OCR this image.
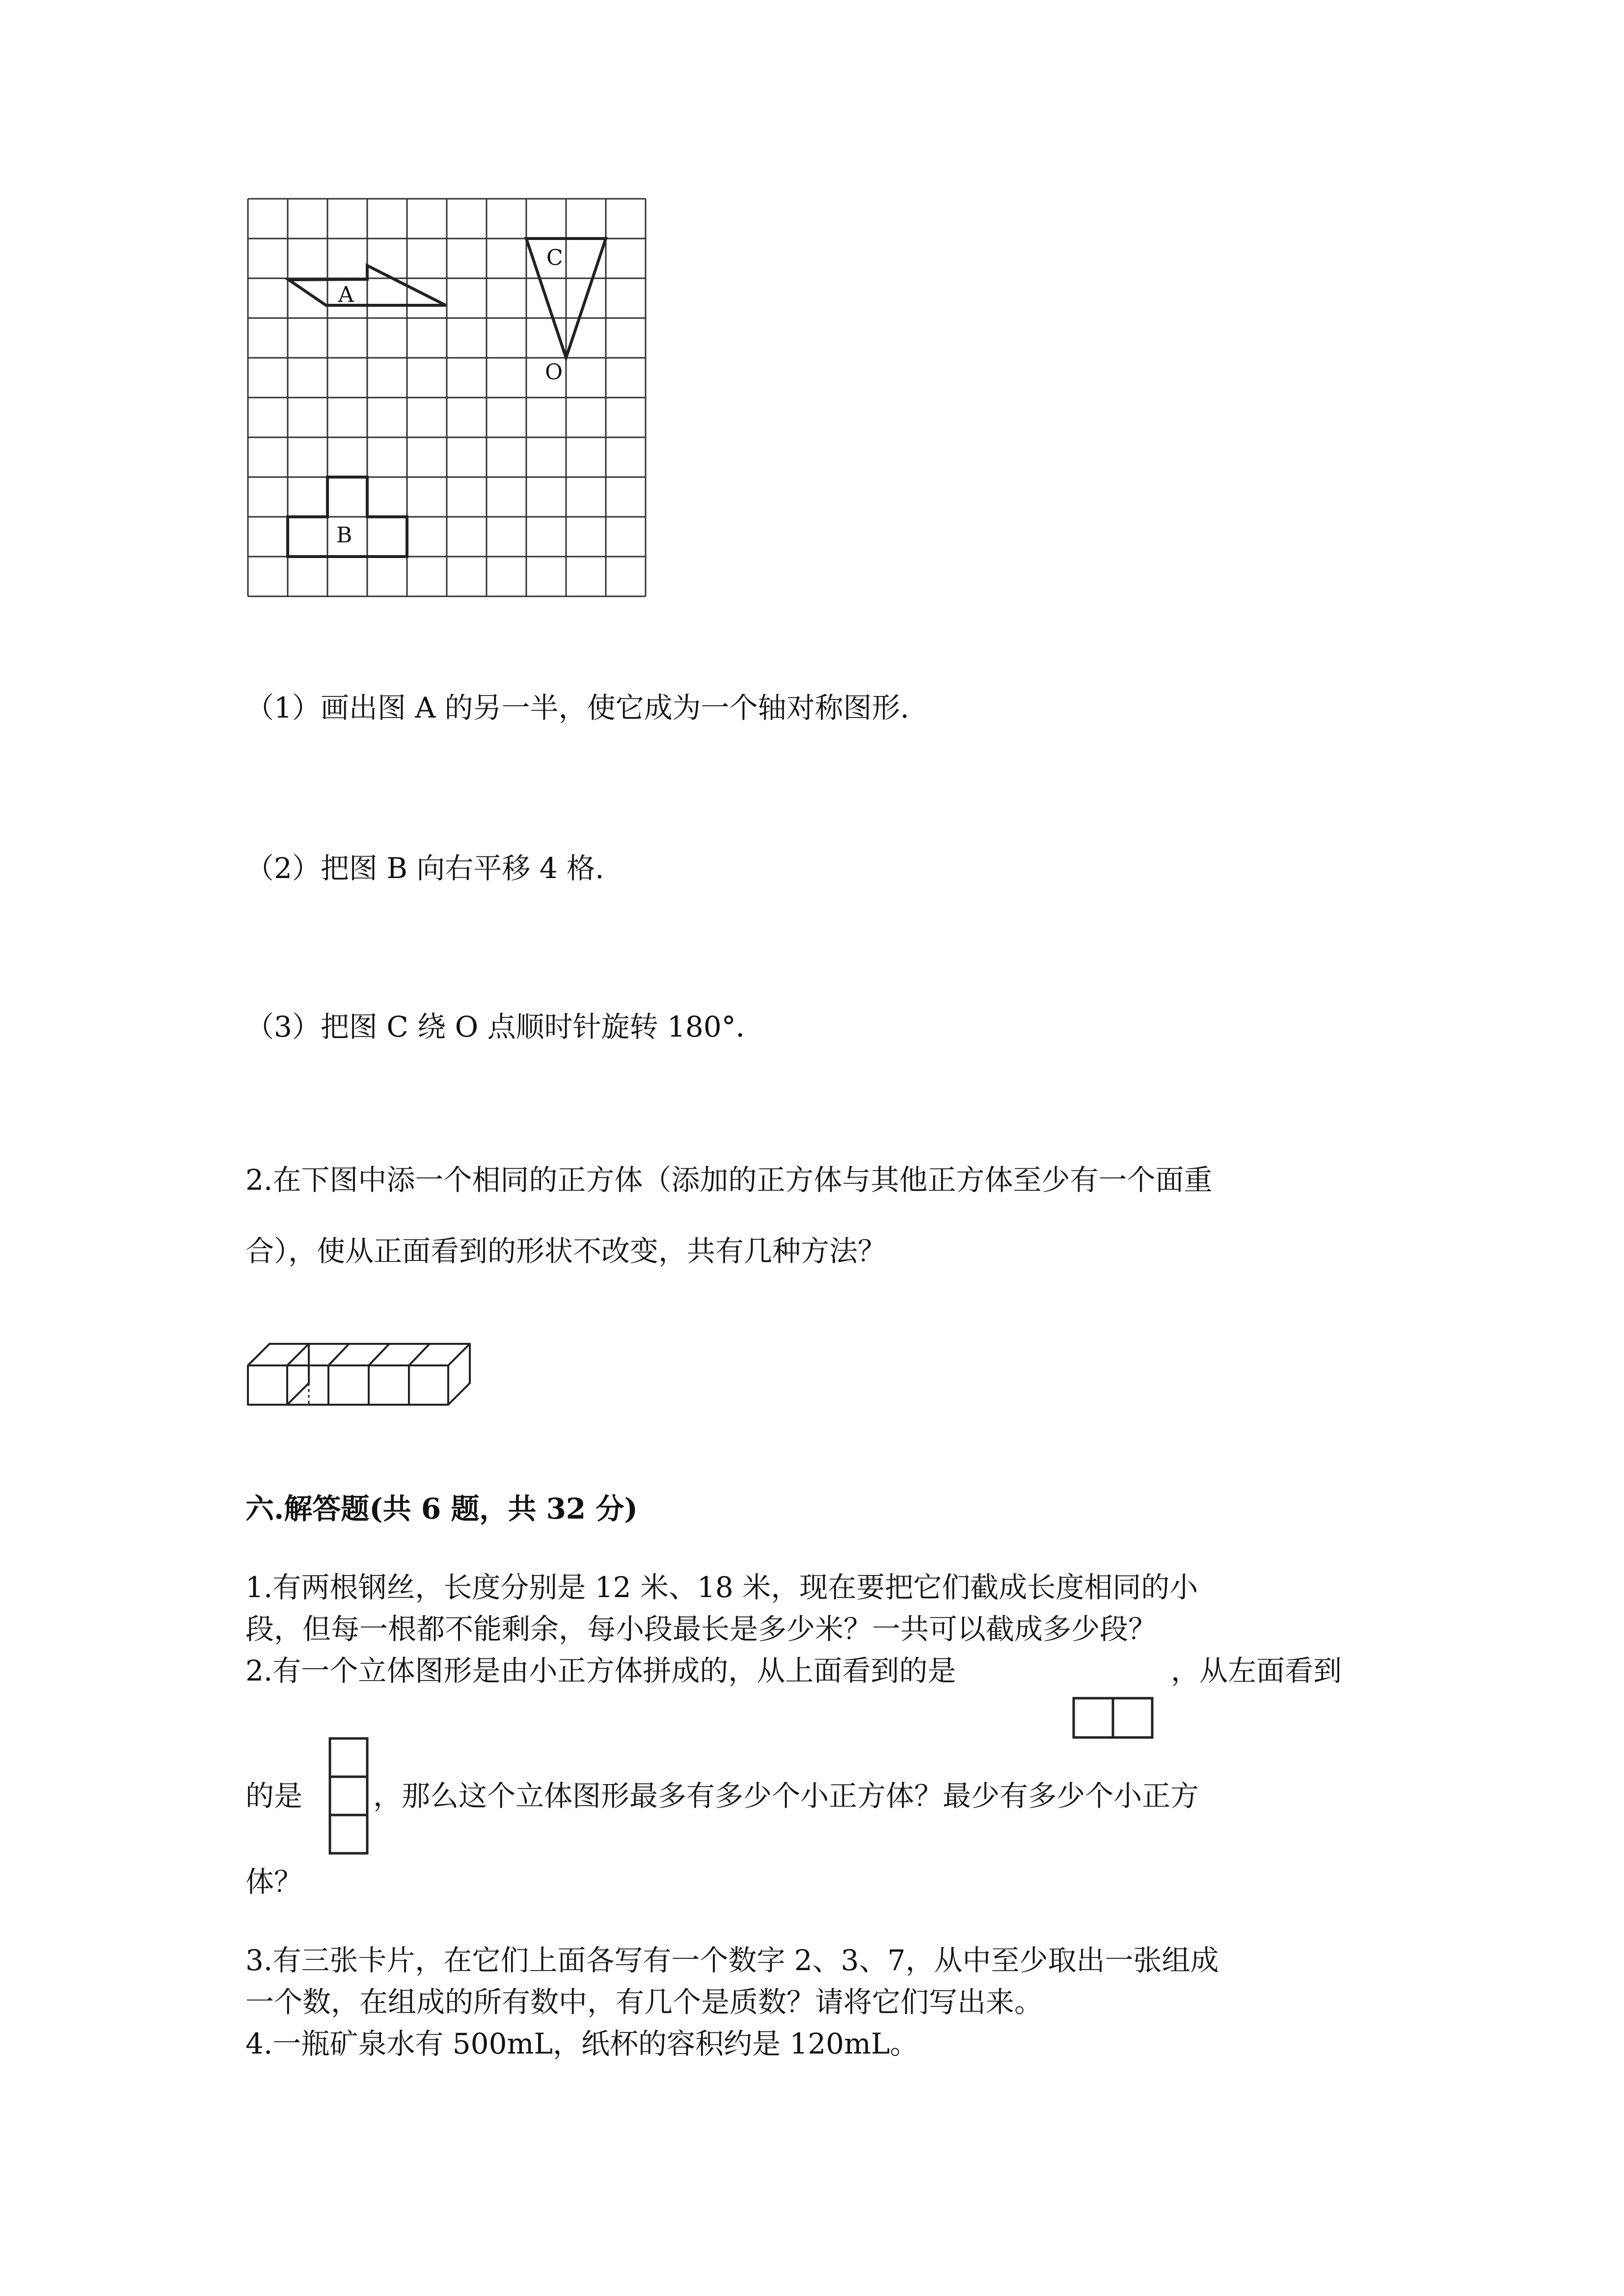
A
B
C
O
（1）画出图 A 的另一半，使它成为一个轴对称图形.
（2）把图 B 向右平移 4 格.
（3）把图 C 绕 O 点顺时针旋转 180°．
2.在下图中添一个相同的正方体（添加的正方体与其他正方体至少有一个面重
合），使从正面看到的形状不改变，共有几种方法？
六.解答题(共 6 题，共 32 分)
1.有两根钢丝，长度分别是 12 米、18 米，现在要把它们截成长度相同的小
段，但每一根都不能剩余，每小段最长是多少米？一共可以截成多少段？
2.有一个立体图形是由小正方体拼成的，从上面看到的是	，从左面看到
的是 ，那么这个立体图形最多有多少个小正方体？最少有多少个小正方
体？
3.有三张卡片，在它们上面各写有一个数字 2、3、7，从中至少取出一张组成
一个数，在组成的所有数中，有几个是质数？请将它们写出来。
4.一瓶矿泉水有 500mL，纸杯的容积约是 120mL。
